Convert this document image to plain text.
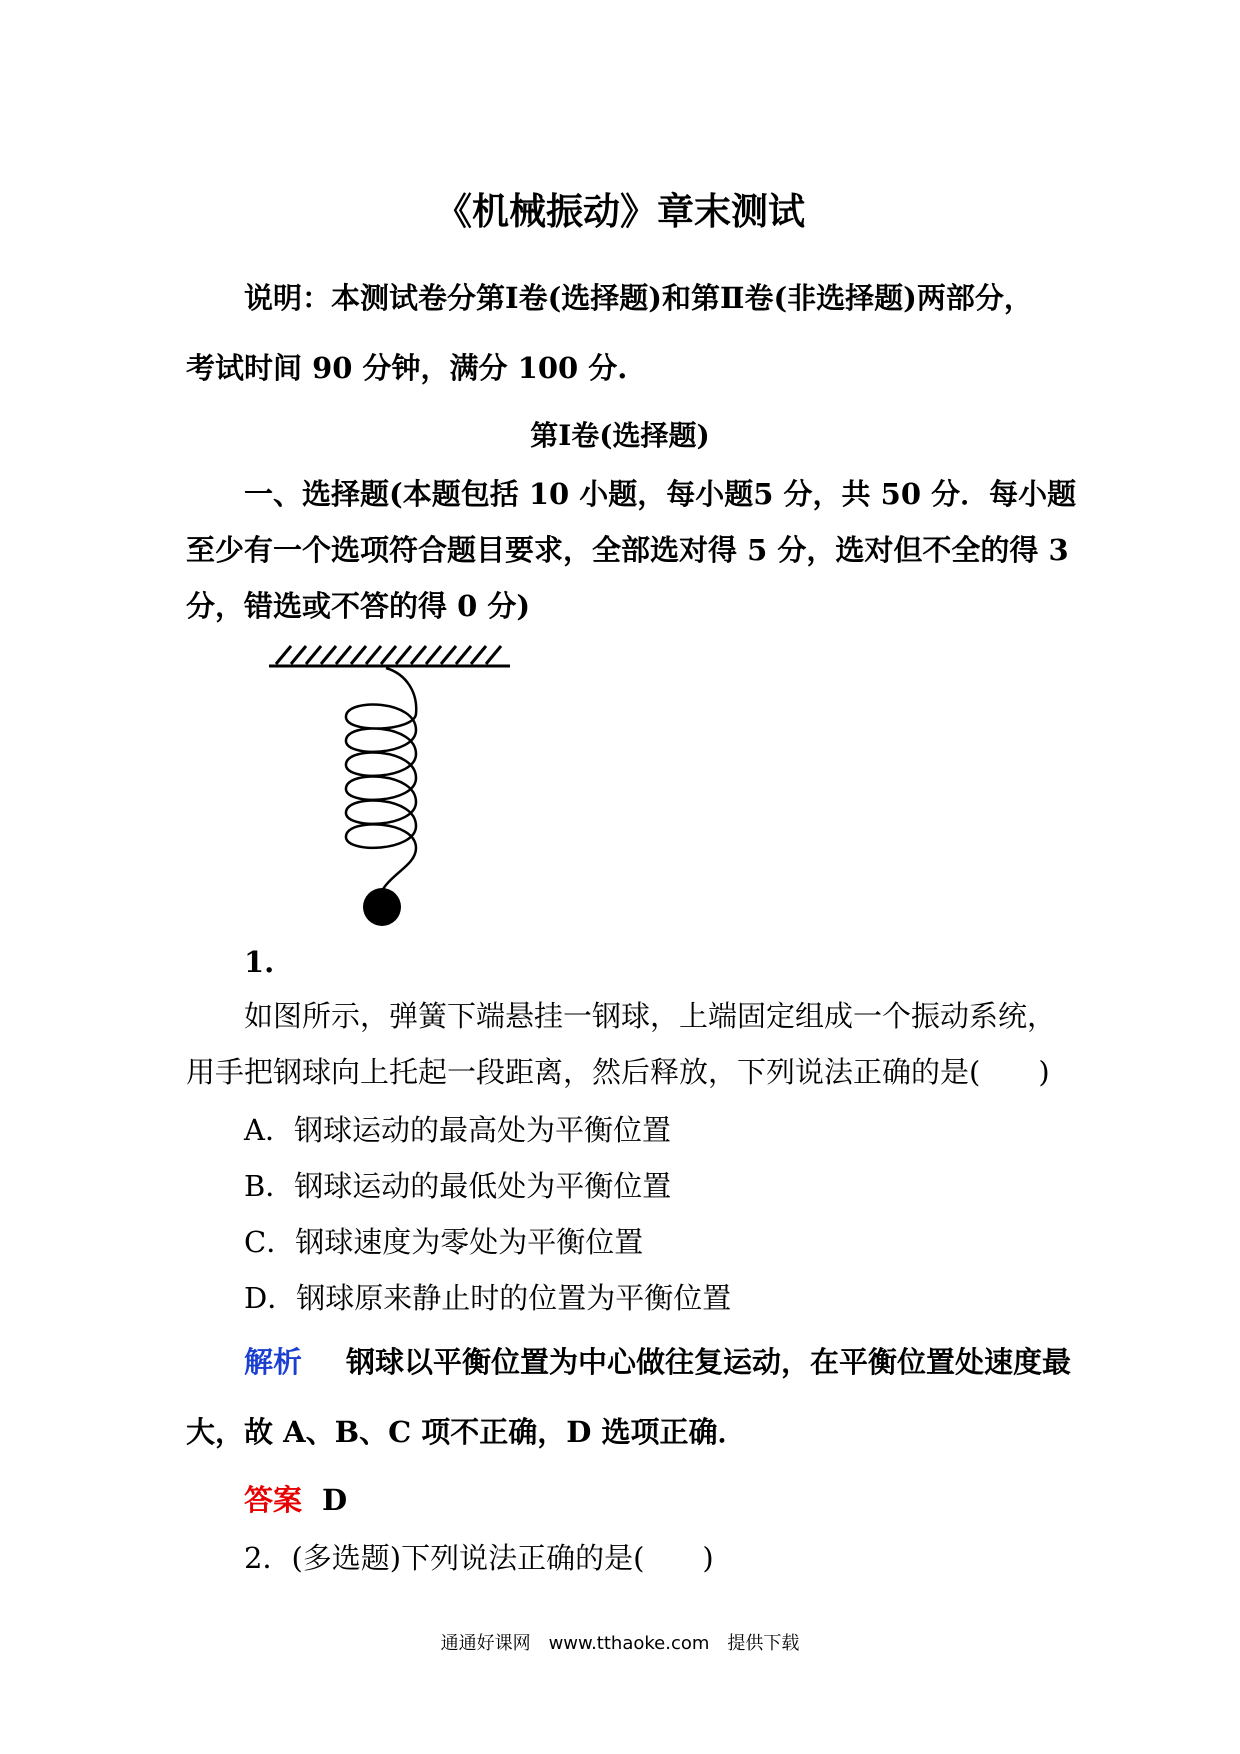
《机械振动》章末测试
说明：本测试卷分第Ⅰ卷(选择题)和第Ⅱ卷(非选择题)两部分，
考试时间 90 分钟，满分 100 分.
第Ⅰ卷(选择题)
一、选择题(本题包括 10 小题，每小题5 分，共 50 分．每小题
至少有一个选项符合题目要求，全部选对得 5 分，选对但不全的得 3
分，错选或不答的得 0 分)
1.
如图所示，弹簧下端悬挂一钢球，上端固定组成一个振动系统，
用手把钢球向上托起一段距离，然后释放，下列说法正确的是(　　)
A．钢球运动的最高处为平衡位置
B．钢球运动的最低处为平衡位置
C．钢球速度为零处为平衡位置
D．钢球原来静止时的位置为平衡位置
解析 钢球以平衡位置为中心做往复运动，在平衡位置处速度最
大，故 A、B、C 项不正确，D 选项正确．
答案 D
2．(多选题)下列说法正确的是(　　)
通通好课网　www.tthaoke.com　提供下载
